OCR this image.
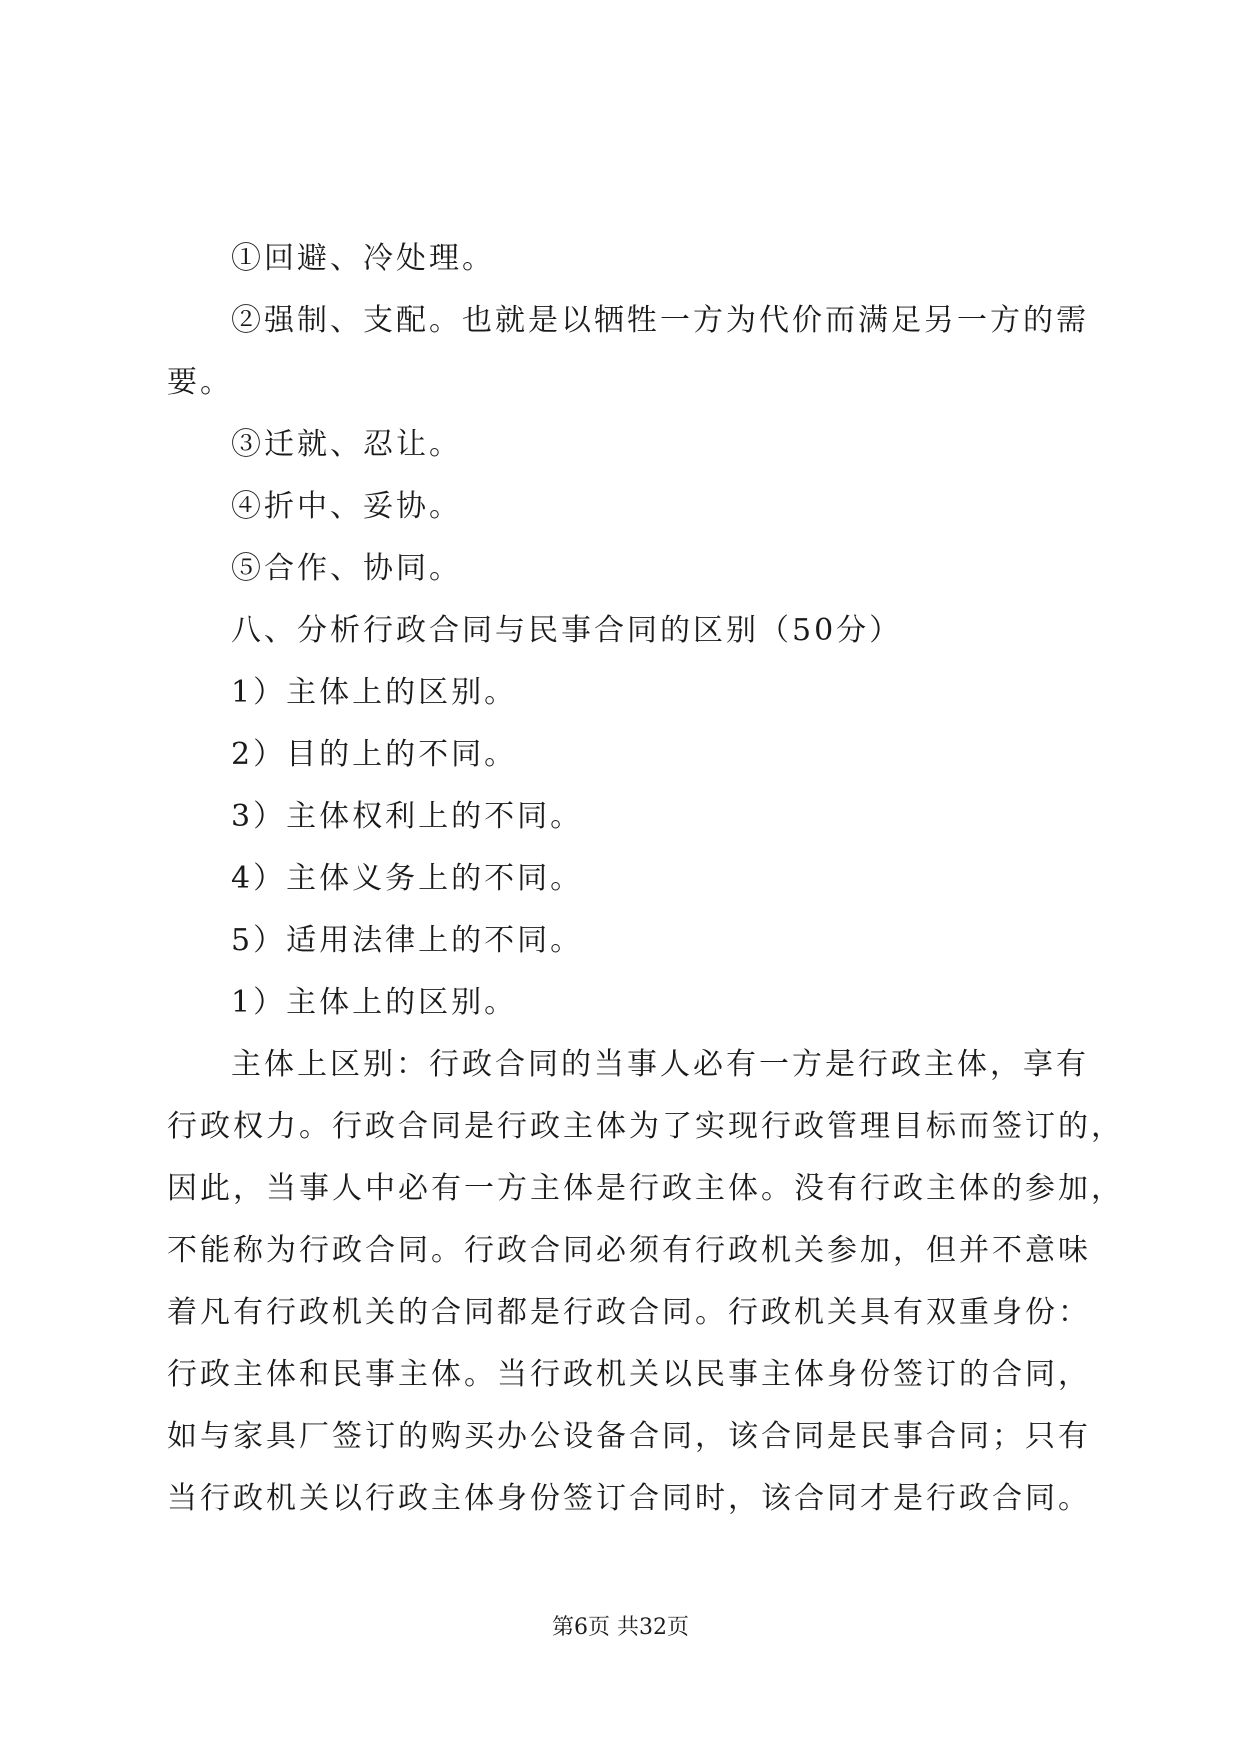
①回避、冷处理。
②强制、支配。也就是以牺牲一方为代价而满足另一方的需
要。
③迁就、忍让。
④折中、妥协。
⑤合作、协同。
八、分析行政合同与民事合同的区别（50分）
1）主体上的区别。
2）目的上的不同。
3）主体权利上的不同。
4）主体义务上的不同。
5）适用法律上的不同。
1）主体上的区别。
主体上区别：行政合同的当事人必有一方是行政主体，享有
行政权力。行政合同是行政主体为了实现行政管理目标而签订的，
因此，当事人中必有一方主体是行政主体。没有行政主体的参加，
不能称为行政合同。行政合同必须有行政机关参加，但并不意味
着凡有行政机关的合同都是行政合同。行政机关具有双重身份：
行政主体和民事主体。当行政机关以民事主体身份签订的合同，
如与家具厂签订的购买办公设备合同，该合同是民事合同；只有
当行政机关以行政主体身份签订合同时，该合同才是行政合同。
第6页 共32页
